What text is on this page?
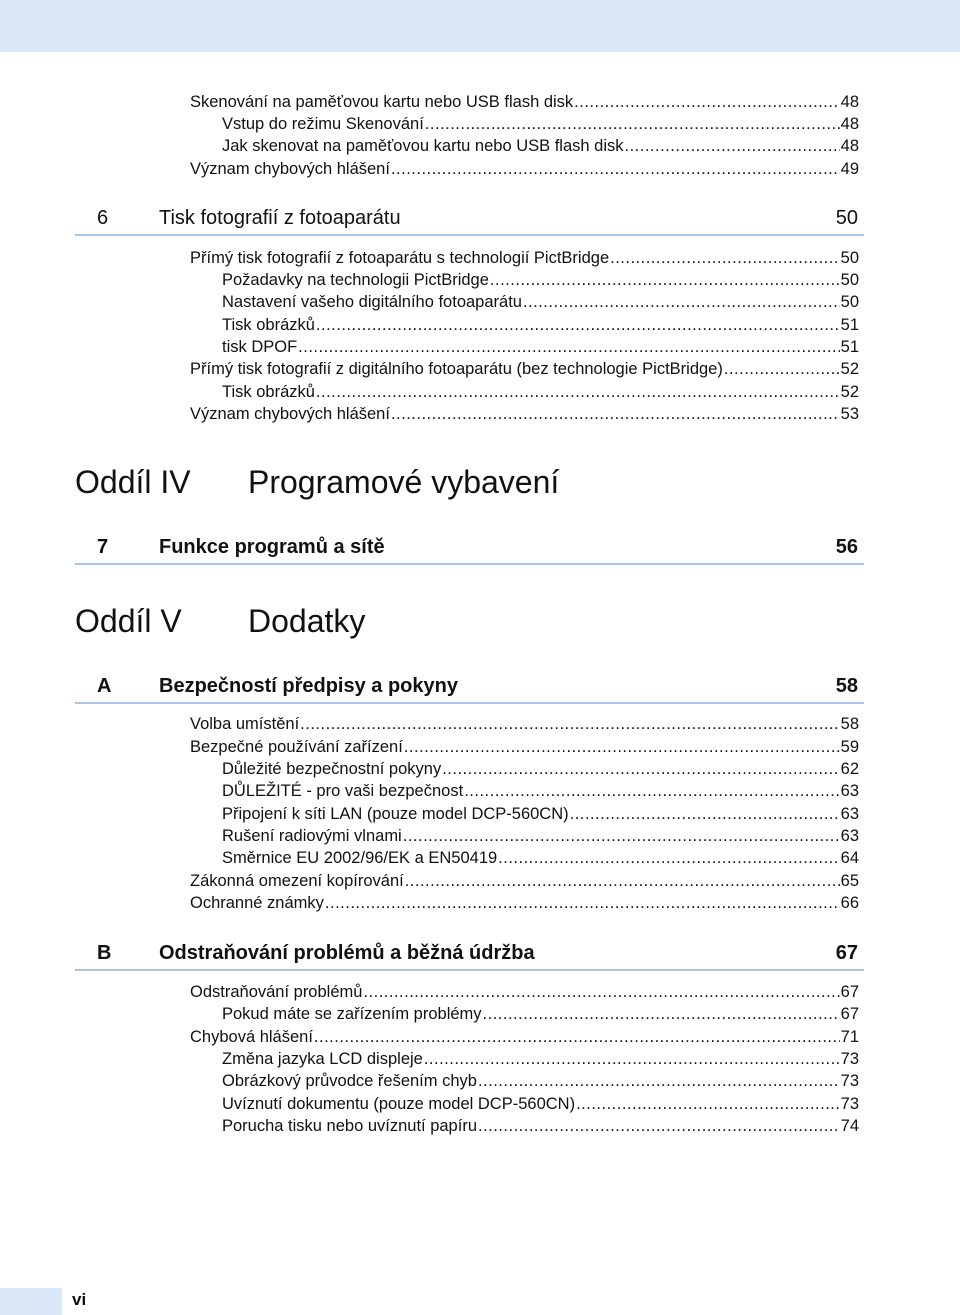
Skenování na paměťovou kartu nebo USB flash disk .....	48
Vstup do režimu Skenování .....	48
Jak skenovat na paměťovou kartu nebo USB flash disk .....	48
Význam chybových hlášení .....	49
6	Tisk fotografií z fotoaparátu	50
Přímý tisk fotografií z fotoaparátu s technologií PictBridge .....	50
Požadavky na technologii PictBridge .....	50
Nastavení vašeho digitálního fotoaparátu .....	50
Tisk obrázků .....	51
tisk DPOF .....	51
Přímý tisk fotografií z digitálního fotoaparátu (bez technologie PictBridge) .....	52
Tisk obrázků .....	52
Význam chybových hlášení .....	53
Oddíl IV Programové vybavení
7	Funkce programů a sítě	56
Oddíl V Dodatky
A Bezpečností předpisy a pokyny	58
Volba umístění .....	58
Bezpečné používání zařízení .....	59
Důležité bezpečnostní pokyny .....	62
DŮLEŽITÉ - pro vaši bezpečnost .....	63
Připojení k síti LAN (pouze model DCP-560CN) .....	63
Rušení radiovými vlnami .....	63
Směrnice EU 2002/96/EK a EN50419 .....	64
Zákonná omezení kopírování .....	65
Ochranné známky .....	66
B Odstraňování problémů a běžná údržba	67
Odstraňování problémů .....	67
Pokud máte se zařízením problémy .....	67
Chybová hlášení .....	71
Změna jazyka LCD displeje .....	73
Obrázkový průvodce řešením chyb .....	73
Uvíznutí dokumentu (pouze model DCP-560CN) .....	73
Porucha tisku nebo uvíznutí papíru .....	74
vi
